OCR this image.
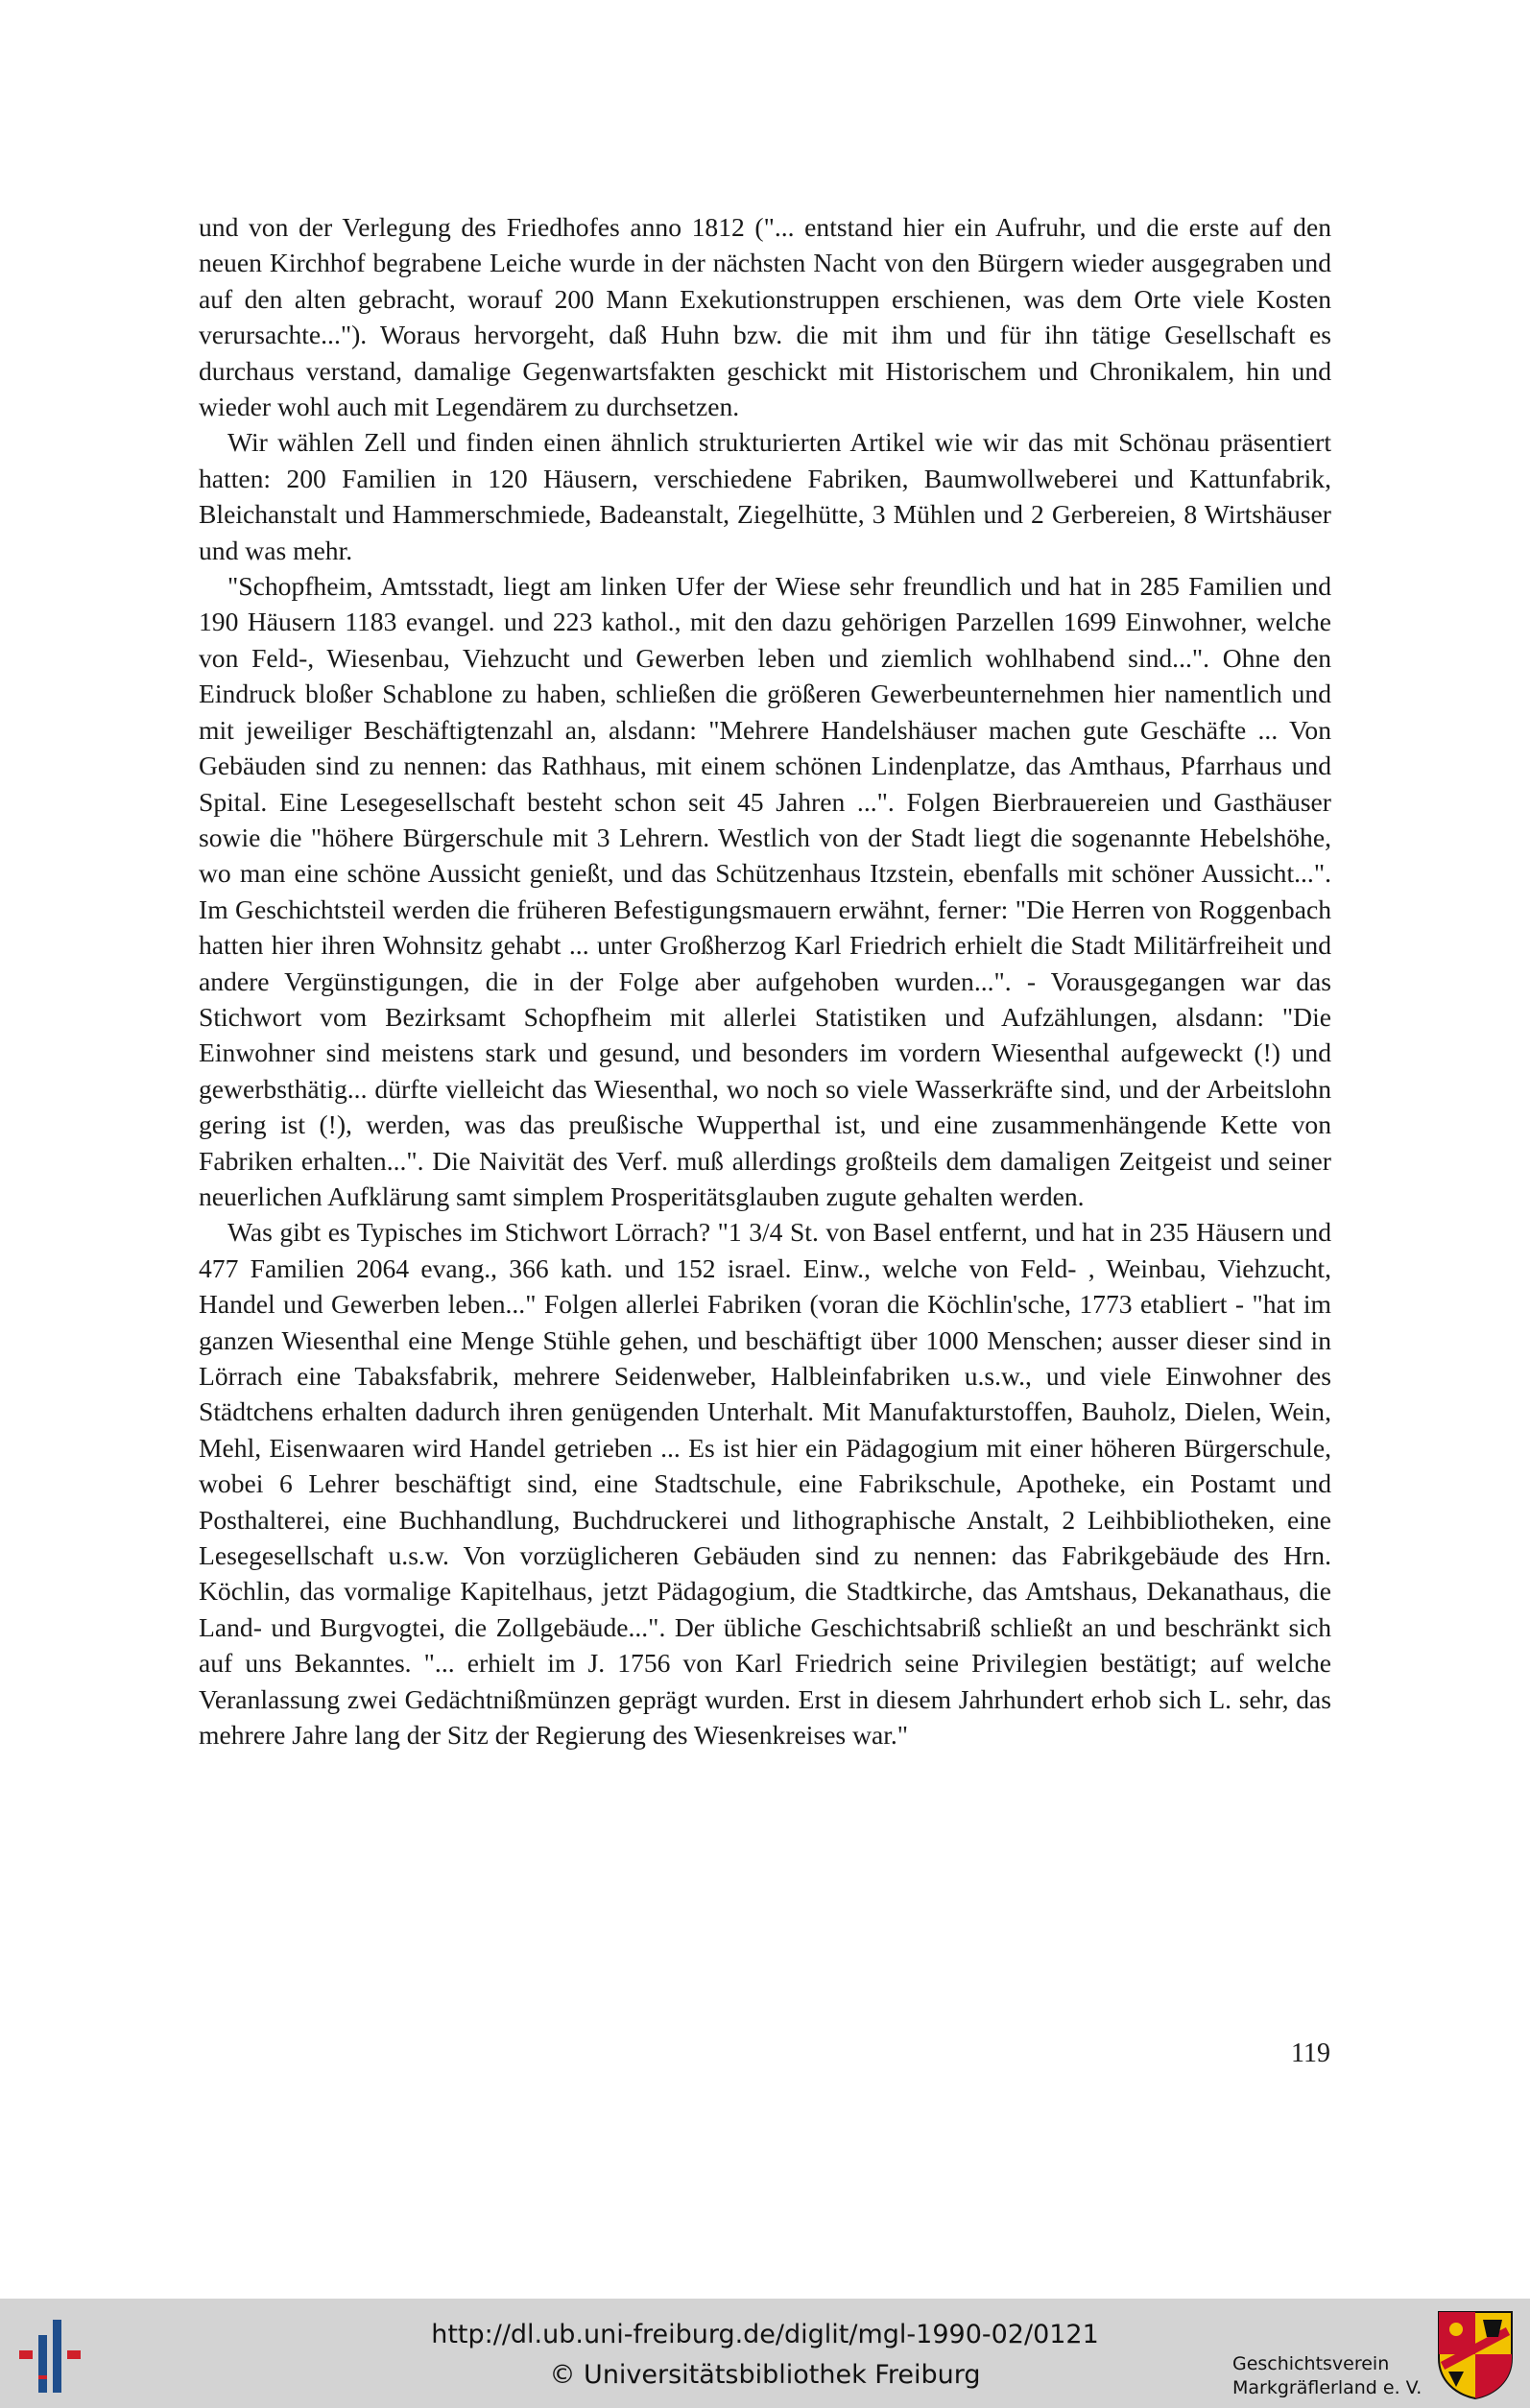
und von der Verlegung des Friedhofes anno 1812 ("... entstand hier ein Aufruhr, und die erste auf den neuen Kirchhof begrabene Leiche wurde in der nächsten Nacht von den Bürgern wieder ausgegraben und auf den alten gebracht, worauf 200 Mann Exekutionstruppen erschienen, was dem Orte viele Kosten verursachte..."). Woraus hervorgeht, daß Huhn bzw. die mit ihm und für ihn tätige Gesellschaft es durchaus verstand, damalige Gegenwartsfakten geschickt mit Historischem und Chronikalem, hin und wieder wohl auch mit Legendärem zu durchsetzen.

Wir wählen Zell und finden einen ähnlich strukturierten Artikel wie wir das mit Schönau präsentiert hatten: 200 Familien in 120 Häusern, verschiedene Fabriken, Baumwollweberei und Kattunfabrik, Bleichanstalt und Hammerschmiede, Badeanstalt, Ziegelhütte, 3 Mühlen und 2 Gerbereien, 8 Wirtshäuser und was mehr.

"Schopfheim, Amtsstadt, liegt am linken Ufer der Wiese sehr freundlich und hat in 285 Familien und 190 Häusern 1183 evangel. und 223 kathol., mit den dazu gehörigen Parzellen 1699 Einwohner, welche von Feld-, Wiesenbau, Viehzucht und Gewerben leben und ziemlich wohlhabend sind...". Ohne den Eindruck bloßer Schablone zu haben, schließen die größeren Gewerbeunternehmen hier namentlich und mit jeweiliger Beschäftigtenzahl an, alsdann: "Mehrere Handelshäuser machen gute Geschäfte ... Von Gebäuden sind zu nennen: das Rathhaus, mit einem schönen Lindenplatze, das Amthaus, Pfarrhaus und Spital. Eine Lesegesellschaft besteht schon seit 45 Jahren ...". Folgen Bierbrauereien und Gasthäuser sowie die "höhere Bürgerschule mit 3 Lehrern. Westlich von der Stadt liegt die sogenannte Hebelshöhe, wo man eine schöne Aussicht genießt, und das Schützenhaus Itzstein, ebenfalls mit schöner Aussicht...". Im Geschichtsteil werden die früheren Befestigungsmauern erwähnt, ferner: "Die Herren von Roggenbach hatten hier ihren Wohnsitz gehabt ... unter Großherzog Karl Friedrich erhielt die Stadt Militärfreiheit und andere Vergünstigungen, die in der Folge aber aufgehoben wurden...". - Vorausgegangen war das Stichwort vom Bezirksamt Schopfheim mit allerlei Statistiken und Aufzählungen, alsdann: "Die Einwohner sind meistens stark und gesund, und besonders im vordern Wiesenthal aufgeweckt (!) und gewerbsthätig... dürfte vielleicht das Wiesenthal, wo noch so viele Wasserkräfte sind, und der Arbeitslohn gering ist (!), werden, was das preußische Wupperthal ist, und eine zusammenhängende Kette von Fabriken erhalten...". Die Naivität des Verf. muß allerdings großteils dem damaligen Zeitgeist und seiner neuerlichen Aufklärung samt simplem Prosperitätsglauben zugute gehalten werden.

Was gibt es Typisches im Stichwort Lörrach? "1 3/4 St. von Basel entfernt, und hat in 235 Häusern und 477 Familien 2064 evang., 366 kath. und 152 israel. Einw., welche von Feld- , Weinbau, Viehzucht, Handel und Gewerben leben..." Folgen allerlei Fabriken (voran die Köchlin'sche, 1773 etabliert - "hat im ganzen Wiesenthal eine Menge Stühle gehen, und beschäftigt über 1000 Menschen; ausser dieser sind in Lörrach eine Tabaksfabrik, mehrere Seidenweber, Halbleinfabriken u.s.w., und viele Einwohner des Städtchens erhalten dadurch ihren genügenden Unterhalt. Mit Manufakturstoffen, Bauholz, Dielen, Wein, Mehl, Eisenwaaren wird Handel getrieben ... Es ist hier ein Pädagogium mit einer höheren Bürgerschule, wobei 6 Lehrer beschäftigt sind, eine Stadtschule, eine Fabrikschule, Apotheke, ein Postamt und Posthalterei, eine Buchhandlung, Buchdruckerei und lithographische Anstalt, 2 Leihbibliotheken, eine Lesegesellschaft u.s.w. Von vorzüglicheren Gebäuden sind zu nennen: das Fabrikgebäude des Hrn. Köchlin, das vormalige Kapitelhaus, jetzt Pädagogium, die Stadtkirche, das Amtshaus, Dekanathaus, die Land- und Burgvogtei, die Zollgebäude...". Der übliche Geschichtsabriß schließt an und beschränkt sich auf uns Bekanntes. "... erhielt im J. 1756 von Karl Friedrich seine Privilegien bestätigt; auf welche Veranlassung zwei Gedächtnißmünzen geprägt wurden. Erst in diesem Jahrhundert erhob sich L. sehr, das mehrere Jahre lang der Sitz der Regierung des Wiesenkreises war."

119
http://dl.ub.uni-freiburg.de/diglit/mgl-1990-02/0121
© Universitätsbibliothek Freiburg	Geschichtsverein
Markgräflerland e. V.
